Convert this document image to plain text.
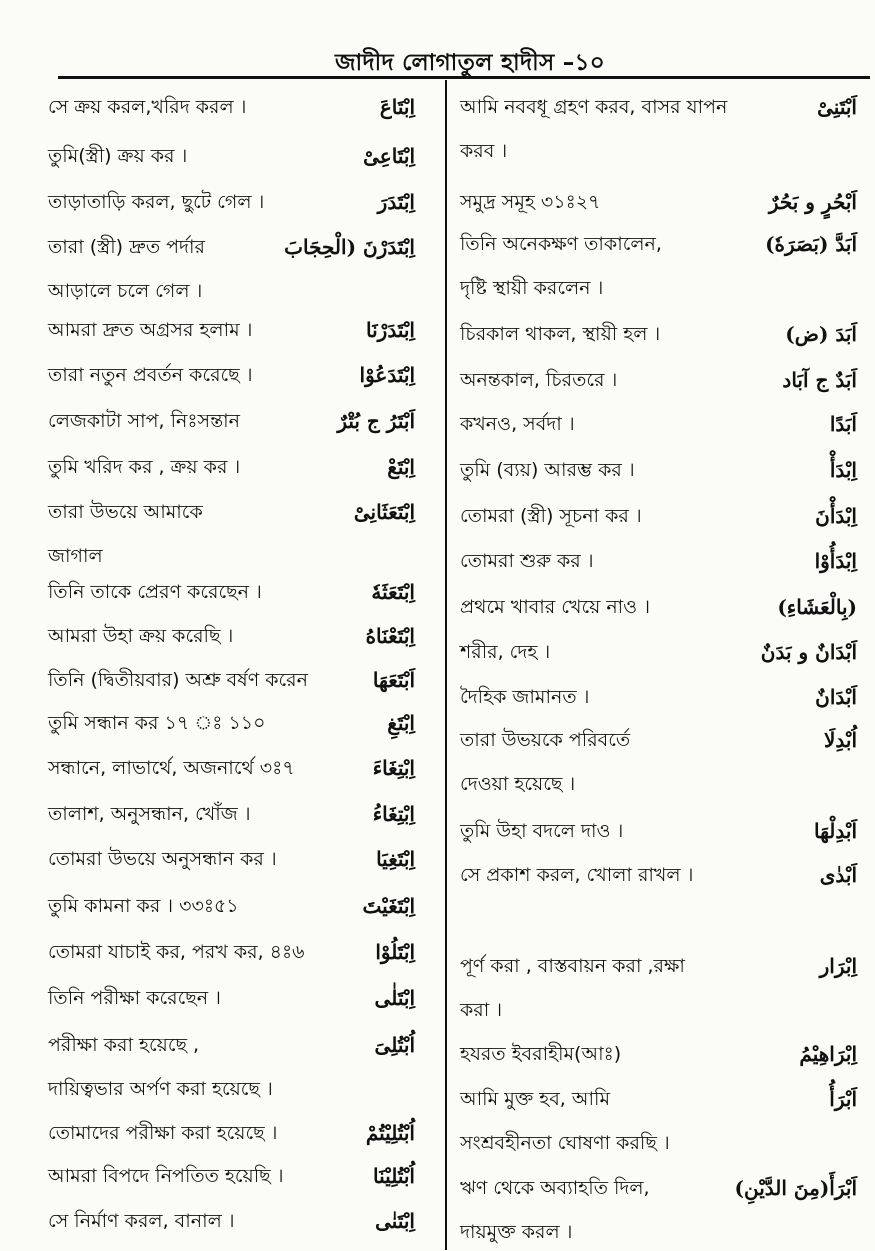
জাদীদ লোগাতুল হাদীস –১০
اِبْتَاعَ
সে ক্রয় করল,খরিদ করল ।
اِبْتَاعِیْ
তুমি(স্ত্রী) ক্রয় কর ।
اِبْتَدَرَ
তাড়াতাড়ি করল, ছুটে গেল ।
اِبْتَدَرْنَ (الْحِجَابَ
তারা (স্ত্রী) দ্রুত পর্দার
আড়ালে চলে গেল ।
اِبْتَدَرْنَا
আমরা দ্রুত অগ্রসর হলাম ।
اِبْتَدَعُوْا
তারা নতুন প্রবর্তন করেছে ।
اَبْتَرُ ج بُتْرٌ
লেজকাটা সাপ, নিঃসন্তান
اِبْتَعْ
তুমি খরিদ কর , ক্রয় কর ।
اِبْتَعَثَانِیْ
তারা উভয়ে আমাকে
জাগাল
اِبْتَعَثَهٗ
তিনি তাকে প্রেরণ করেছেন ।
اِبْتَعْنَاهُ
আমরা উহা ক্রয় করেছি ।
اَبْتَعَهَا
তিনি (দ্বিতীয়বার) অশ্রু বর্ষণ করেন
اِبْتَغِ
তুমি সন্ধান কর ১৭ ঃ ১১০
اِبْتِغَاءَ
সন্ধানে, লাভার্থে, অজনার্থে ৩ঃ৭
اِبْتِغَاءُ
তালাশ, অনুসন্ধান, খোঁজ ।
اِبْتَغِيَا
তোমরা উভয়ে অনুসন্ধান কর ।
اِبْتَغَيْتَ
তুমি কামনা কর । ৩৩ঃ৫১
اِبْتَلُوْا
তোমরা যাচাই কর, পরখ কর, ৪ঃ৬
اِبْتَلٰی
তিনি পরীক্ষা করেছেন ।
اُبْتُلِیَ
পরীক্ষা করা হয়েছে ,
দায়িত্বভার অর্পণ করা হয়েছে ।
اُبْتُلِيْتُمْ
তোমাদের পরীক্ষা করা হয়েছে ।
اُبْتُلِيْنَا
আমরা বিপদে নিপতিত হয়েছি ।
اِبْتَنٰی
সে নির্মাণ করল, বানাল ।
اَبْتَنِیْ
আমি নববধূ গ্রহণ করব, বাসর যাপন
করব ।
اَبْحُرٍ و بَحُرٌ
সমুদ্র সমূহ ৩১ঃ২৭
اَبَدَّ (بَصَرَهٗ)
তিনি অনেকক্ষণ তাকালেন,
দৃষ্টি স্থায়ী করলেন ।
اَبَدَ (ض)
চিরকাল থাকল, স্থায়ী হল ।
اَبَدٌ ج آبَاد
অনন্তকাল, চিরতরে ।
اَبَدًا
কখনও, সর্বদা ।
اِبْدَأْ
তুমি (ব্যয়) আরম্ভ কর ।
اِبْدَأْنَ
তোমরা (স্ত্রী) সূচনা কর ।
اِبْدَأُوْا
তোমরা শুরু কর ।
(بِالْعَشَاءِ)
প্রথমে খাবার খেয়ে নাও ।
اَبْدَانٌ و بَدَنٌ
শরীর, দেহ ।
اَبْدَانٌ
দৈহিক জামানত ।
اُبْدِلَا
তারা উভয়কে পরিবর্তে
দেওয়া হয়েছে ।
اَبْدِلْهَا
তুমি উহা বদলে দাও ।
اَبْدٰی
সে প্রকাশ করল, খোলা রাখল ।
اِبْرَار
পূর্ণ করা , বাস্তবায়ন করা ,রক্ষা
করা ।
اِبْرَاهِيْمُ
হযরত ইবরাহীম(আঃ)
اَبْرَأُ
আমি মুক্ত হব, আমি
সংশ্রবহীনতা ঘোষণা করছি ।
اَبْرَأَ(مِنَ الدَّيْنِ)
ঋণ থেকে অব্যাহতি দিল,
দায়মুক্ত করল ।
